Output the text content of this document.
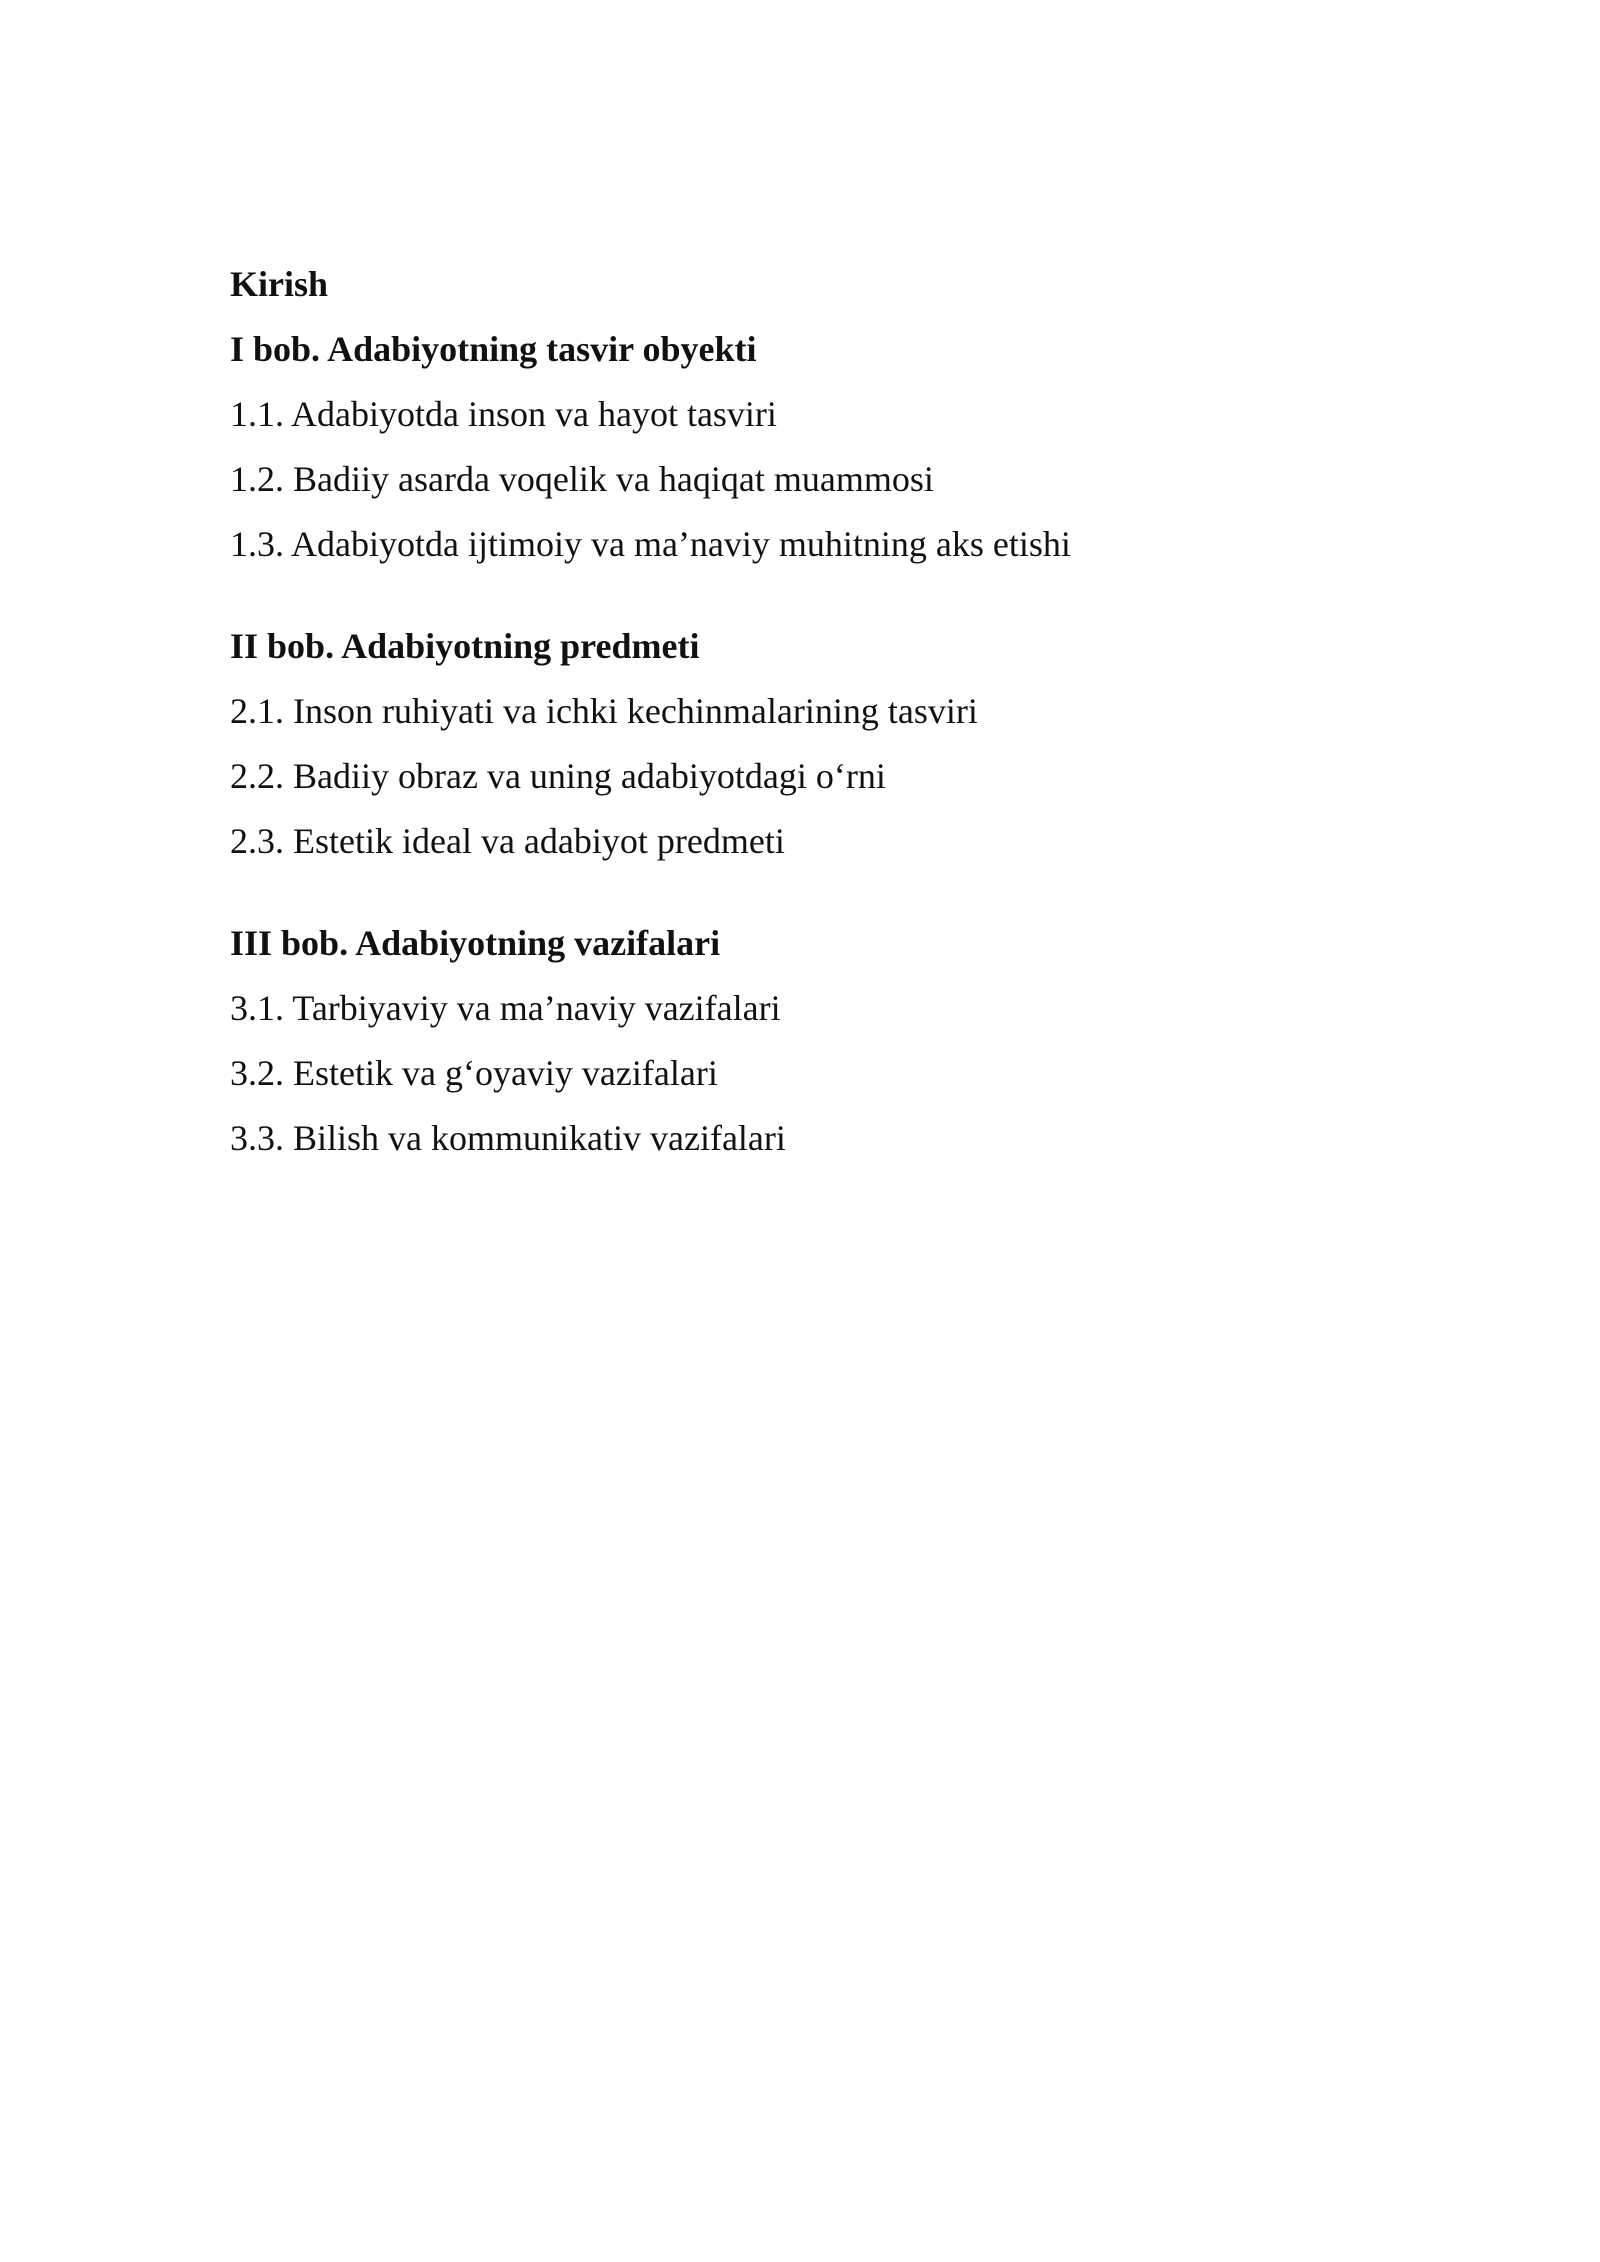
Kirish

I bob. Adabiyotning tasvir obyekti

1.1. Adabiyotda inson va hayot tasviri

1.2. Badiiy asarda voqelik va haqiqat muammosi

1.3. Adabiyotda ijtimoiy va ma’naviy muhitning aks etishi

II bob. Adabiyotning predmeti

2.1. Inson ruhiyati va ichki kechinmalarining tasviri

2.2. Badiiy obraz va uning adabiyotdagi o‘rni

2.3. Estetik ideal va adabiyot predmeti

III bob. Adabiyotning vazifalari

3.1. Tarbiyaviy va ma’naviy vazifalari

3.2. Estetik va g‘oyaviy vazifalari

3.3. Bilish va kommunikativ vazifalari
